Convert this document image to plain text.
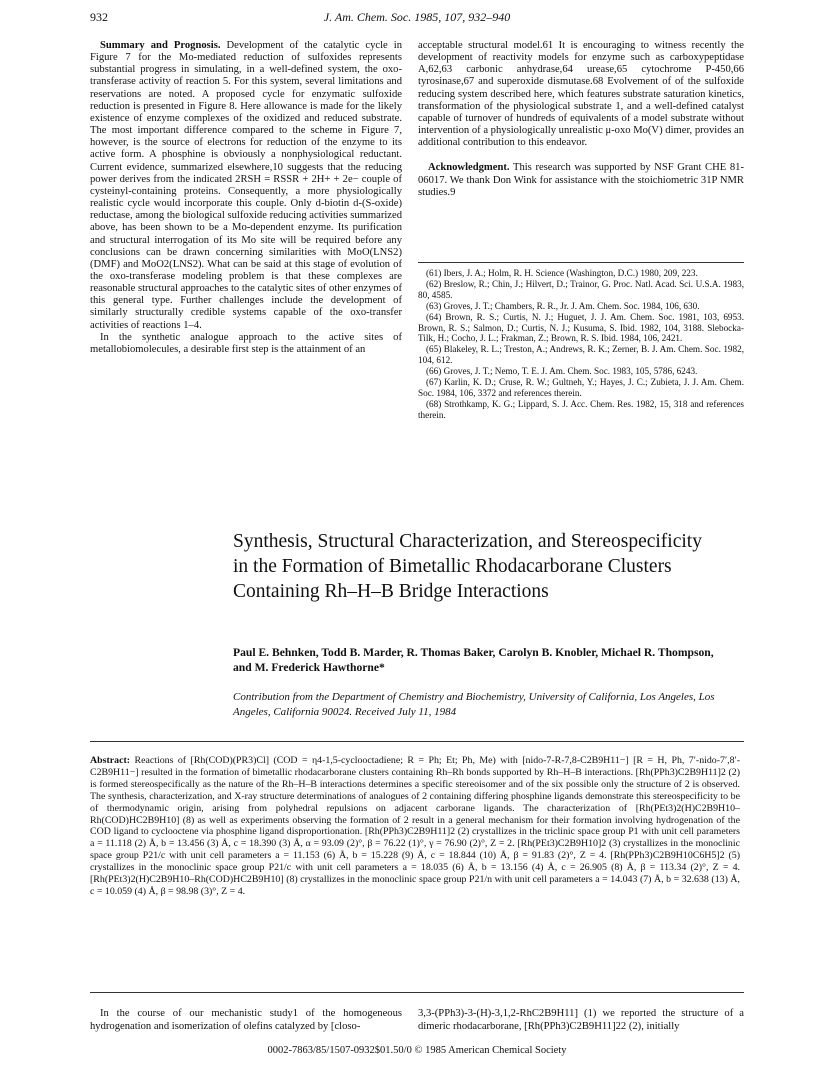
932	J. Am. Chem. Soc. 1985, 107, 932–940

Summary and Prognosis. Development of the catalytic cycle in Figure 7 for the Mo-mediated reduction of sulfoxides represents substantial progress in simulating, in a well-defined system, the oxo-transferase activity of reaction 5. For this system, several limitations and reservations are noted. A proposed cycle for enzymatic sulfoxide reduction is presented in Figure 8. Here allowance is made for the likely existence of enzyme complexes of the oxidized and reduced substrate. The most important difference compared to the scheme in Figure 7, however, is the source of electrons for reduction of the enzyme to its active form. A phosphine is obviously a nonphysiological reductant. Current evidence, summarized elsewhere,10 suggests that the reducing power derives from the indicated 2RSH = RSSR + 2H+ + 2e− couple of cysteinyl-containing proteins. Consequently, a more physiologically realistic cycle would incorporate this couple. Only d-biotin d-(S-oxide) reductase, among the biological sulfoxide reducing activities summarized above, has been shown to be a Mo-dependent enzyme. Its purification and structural interrogation of its Mo site will be required before any conclusions can be drawn concerning similarities with MoO(LNS2)(DMF) and MoO2(LNS2). What can be said at this stage of evolution of the oxo-transferase modeling problem is that these complexes are reasonable structural approaches to the catalytic sites of other enzymes of this general type. Further challenges include the development of similarly structurally credible systems capable of the oxo-transfer activities of reactions 1–4.

In the synthetic analogue approach to the active sites of metallobiomolecules, a desirable first step is the attainment of an

acceptable structural model.61 It is encouraging to witness recently the development of reactivity models for enzyme such as carboxypeptidase A,62,63 carbonic anhydrase,64 urease,65 cytochrome P-450,66 tyrosinase,67 and superoxide dismutase.68 Evolvement of of the sulfoxide reducing system described here, which features substrate saturation kinetics, transformation of the physiological substrate 1, and a well-defined catalyst capable of turnover of hundreds of equivalents of a model substrate without intervention of a physiologically unrealistic μ-oxo Mo(V) dimer, provides an additional contribution to this endeavor.

Acknowledgment. This research was supported by NSF Grant CHE 81-06017. We thank Don Wink for assistance with the stoichiometric 31P NMR studies.9

(61) Ibers, J. A.; Holm, R. H. Science (Washington, D.C.) 1980, 209, 223.

(62) Breslow, R.; Chin, J.; Hilvert, D.; Trainor, G. Proc. Natl. Acad. Sci. U.S.A. 1983, 80, 4585.

(63) Groves, J. T.; Chambers, R. R., Jr. J. Am. Chem. Soc. 1984, 106, 630.

(64) Brown, R. S.; Curtis, N. J.; Huguet, J. J. Am. Chem. Soc. 1981, 103, 6953. Brown, R. S.; Salmon, D.; Curtis, N. J.; Kusuma, S. Ibid. 1982, 104, 3188. Slebocka-Tilk, H.; Cocho, J. L.; Frakman, Z.; Brown, R. S. Ibid. 1984, 106, 2421.

(65) Blakeley, R. L.; Treston, A.; Andrews, R. K.; Zerner, B. J. Am. Chem. Soc. 1982, 104, 612.

(66) Groves, J. T.; Nemo, T. E. J. Am. Chem. Soc. 1983, 105, 5786, 6243.

(67) Karlin, K. D.; Cruse, R. W.; Gultneh, Y.; Hayes, J. C.; Zubieta, J. J. Am. Chem. Soc. 1984, 106, 3372 and references therein.

(68) Strothkamp, K. G.; Lippard, S. J. Acc. Chem. Res. 1982, 15, 318 and references therein.

Synthesis, Structural Characterization, and Stereospecificity in the Formation of Bimetallic Rhodacarborane Clusters Containing Rh–H–B Bridge Interactions
Paul E. Behnken, Todd B. Marder, R. Thomas Baker, Carolyn B. Knobler, Michael R. Thompson, and M. Frederick Hawthorne*
Contribution from the Department of Chemistry and Biochemistry, University of California, Los Angeles, Los Angeles, California 90024. Received July 11, 1984
Abstract: Reactions of [Rh(COD)(PR3)Cl] (COD = η4-1,5-cyclooctadiene; R = Ph; Et; Ph, Me) with [nido-7-R-7,8-C2B9H11−] [R = H, Ph, 7′-nido-7′,8′-C2B9H11−] resulted in the formation of bimetallic rhodacarborane clusters containing Rh–Rh bonds supported by Rh–H–B interactions. [Rh(PPh3)C2B9H11]2 (2) is formed stereospecifically as the nature of the Rh–H–B interactions determines a specific stereoisomer and of the six possible only the structure of 2 is observed. The synthesis, characterization, and X-ray structure determinations of analogues of 2 containing differing phosphine ligands demonstrate this stereospecificity to be of thermodynamic origin, arising from polyhedral repulsions on adjacent carborane ligands. The characterization of [Rh(PEt3)2(H)C2B9H10–Rh(COD)HC2B9H10] (8) as well as experiments observing the formation of 2 result in a general mechanism for their formation involving hydrogenation of the COD ligand to cyclooctene via phosphine ligand disproportionation. [Rh(PPh3)C2B9H11]2 (2) crystallizes in the triclinic space group P1 with unit cell parameters a = 11.118 (2) Å, b = 13.456 (3) Å, c = 18.390 (3) Å, α = 93.09 (2)°, β = 76.22 (1)°, γ = 76.90 (2)°, Z = 2. [Rh(PEt3)C2B9H10]2 (3) crystallizes in the monoclinic space group P21/c with unit cell parameters a = 11.153 (6) Å, b = 15.228 (9) Å, c = 18.844 (10) Å, β = 91.83 (2)°, Z = 4. [Rh(PPh3)C2B9H10C6H5]2 (5) crystallizes in the monoclinic space group P21/c with unit cell parameters a = 18.035 (6) Å, b = 13.156 (4) Å, c = 26.905 (8) Å, β = 113.34 (2)°, Z = 4. [Rh(PEt3)2(H)C2B9H10–Rh(COD)HC2B9H10] (8) crystallizes in the monoclinic space group P21/n with unit cell parameters a = 14.043 (7) Å, b = 32.638 (13) Å, c = 10.059 (4) Å, β = 98.98 (3)°, Z = 4.
In the course of our mechanistic study1 of the homogeneous hydrogenation and isomerization of olefins catalyzed by [closo-
3,3-(PPh3)-3-(H)-3,1,2-RhC2B9H11] (1) we reported the structure of a dimeric rhodacarborane, [Rh(PPh3)C2B9H11]22 (2), initially
0002-7863/85/1507-0932$01.50/0 © 1985 American Chemical Society
